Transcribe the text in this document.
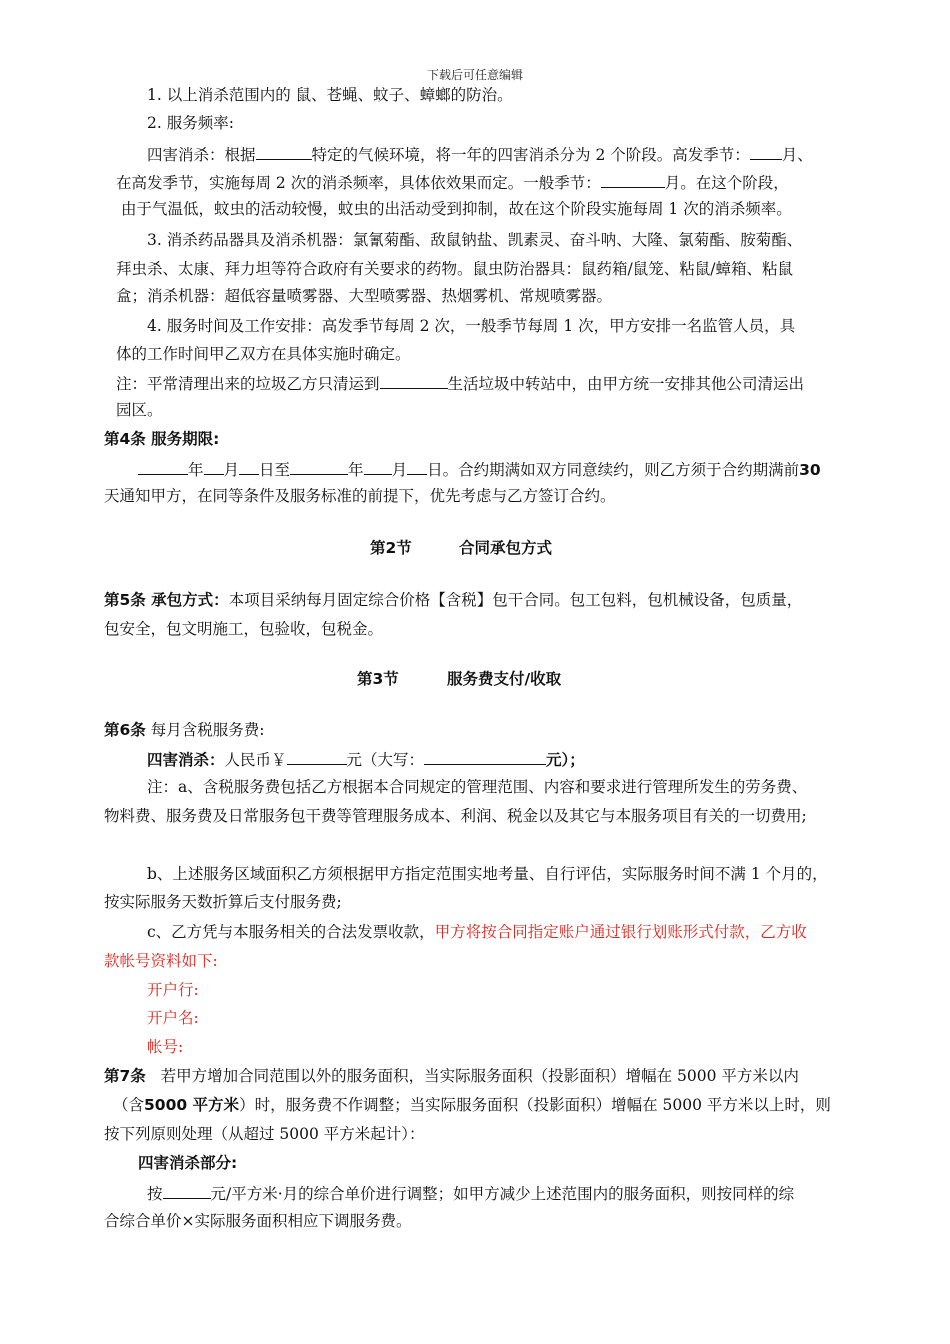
下载后可任意编辑
1. 以上消杀范围内的 鼠、苍蝇、蚊子、蟑螂的防治。
2. 服务频率:
四害消杀：根据	特定的气候环境，将一年的四害消杀分为 2 个阶段。高发季节： 月、
在高发季节，实施每周 2 次的消杀频率，具体依效果而定。一般季节：	月。在这个阶段，
由于气温低，蚊虫的活动较慢，蚊虫的出活动受到抑制，故在这个阶段实施每周 1 次的消杀频率。
3. 消杀药品器具及消杀机器：氯氰菊酯、敌鼠钠盐、凯素灵、奋斗呐、大隆、氯菊酯、胺菊酯、
拜虫杀、太康、拜力坦等符合政府有关要求的药物。鼠虫防治器具：鼠药箱/鼠笼、粘鼠/蟑箱、粘鼠
盒；消杀机器：超低容量喷雾器、大型喷雾器、热烟雾机、常规喷雾器。
4. 服务时间及工作安排：高发季节每周 2 次，一般季节每周 1 次，甲方安排一名监管人员，具
体的工作时间甲乙双方在具体实施时确定。
注：平常清理出来的垃圾乙方只清运到	生活垃圾中转站中，由甲方统一安排其他公司清运出
园区。
第4条 服务期限:
年 月 日至	年 月 日。合约期满如双方同意续约，则乙方须于合约期满前30
天通知甲方，在同等条件及服务标准的前提下，优先考虑与乙方签订合约。
第2节	合同承包方式
第5条 承包方式：本项目采纳每月固定综合价格【含税】包干合同。包工包料，包机械设备，包质量，
包安全，包文明施工，包验收，包税金。
第3节	服务费支付/收取
第6条 每月含税服务费:
四害消杀：人民币￥	元（大写：	元）；
注：a、含税服务费包括乙方根据本合同规定的管理范围、内容和要求进行管理所发生的劳务费、
物料费、服务费及日常服务包干费等管理服务成本、利润、税金以及其它与本服务项目有关的一切费用;
b、上述服务区域面积乙方须根据甲方指定范围实地考量、自行评估，实际服务时间不满 1 个月的，
按实际服务天数折算后支付服务费;
c、乙方凭与本服务相关的合法发票收款，甲方将按合同指定账户通过银行划账形式付款，乙方收
款帐号资料如下:
开户行:
开户名:
帐号:
第7条 若甲方增加合同范围以外的服务面积，当实际服务面积（投影面积）增幅在 5000 平方米以内
（含5000 平方米）时，服务费不作调整；当实际服务面积（投影面积）增幅在 5000 平方米以上时，则
按下列原则处理（从超过 5000 平方米起计）：
四害消杀部分:
按	元/平方米·月的综合单价进行调整；如甲方减少上述范围内的服务面积，则按同样的综
合综合单价×实际服务面积相应下调服务费。
